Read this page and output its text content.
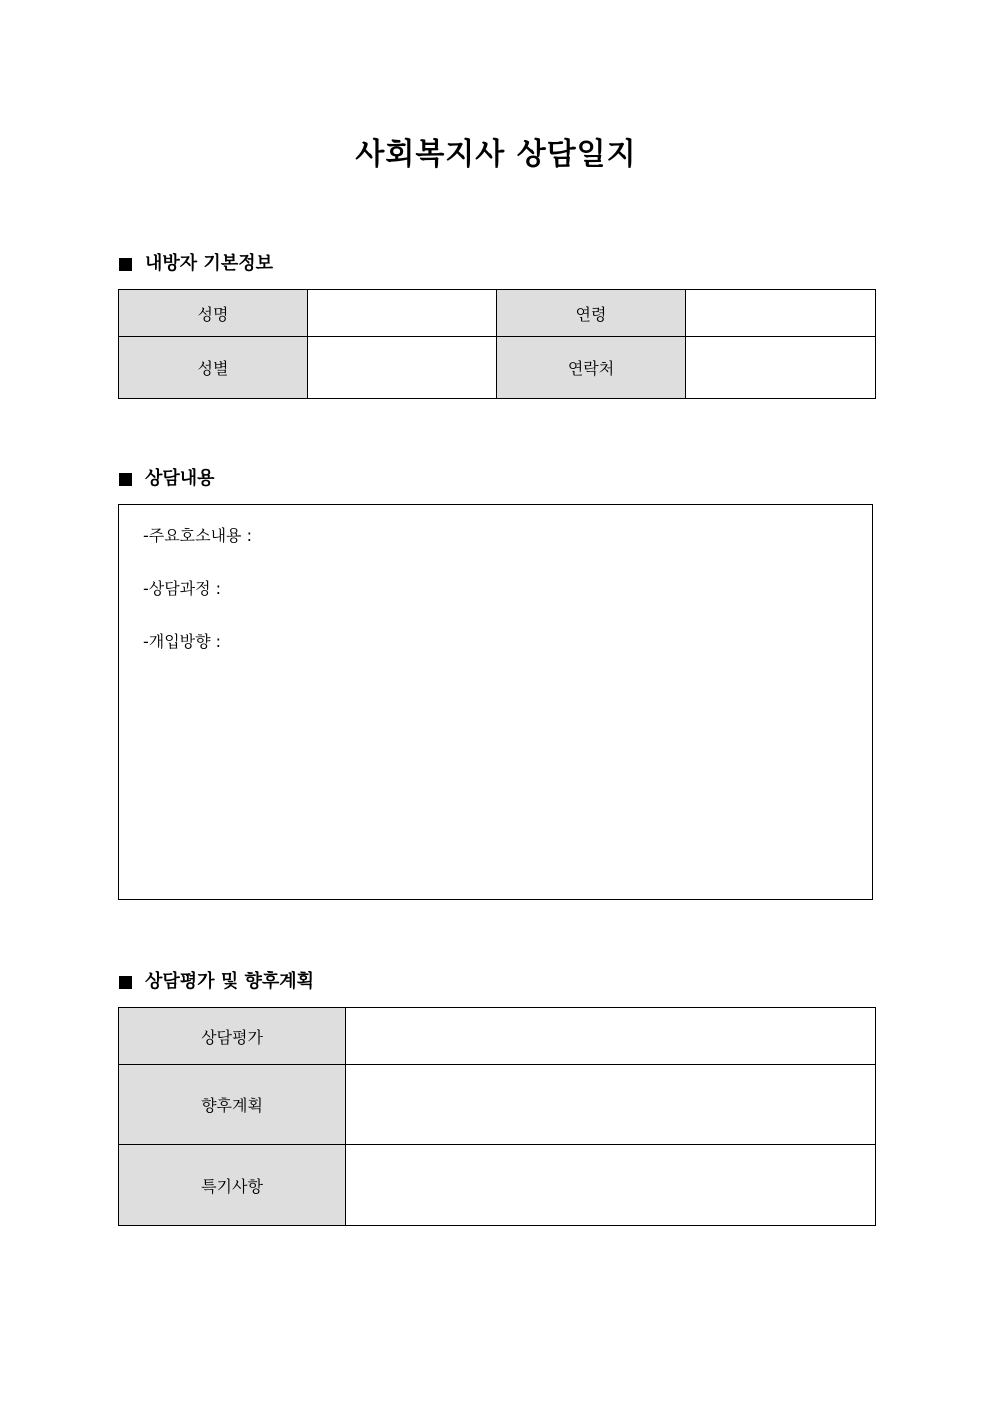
사회복지사 상담일지
내방자 기본정보
성명		연령	
성별		연락처	
상담내용
-주요호소내용 :
-상담과정 :
-개입방향 :
상담평가 및 향후계획
상담평가	
향후계획	
특기사항	
